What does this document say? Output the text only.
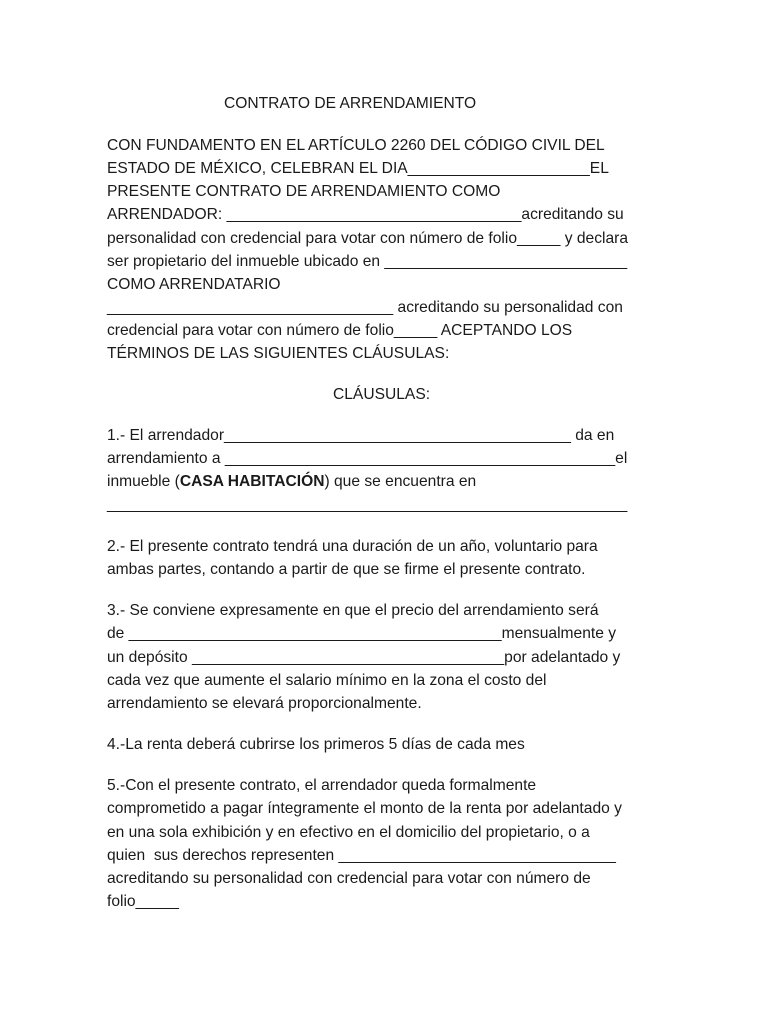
CONTRATO DE ARRENDAMIENTO
CON FUNDAMENTO EN EL ARTÍCULO 2260 DEL CÓDIGO CIVIL DEL
ESTADO DE MÉXICO, CELEBRAN EL DIA_____________________EL
PRESENTE CONTRATO DE ARRENDAMIENTO COMO
ARRENDADOR: __________________________________acreditando su
personalidad con credencial para votar con número de folio_____ y declara
ser propietario del inmueble ubicado en ____________________________
COMO ARRENDATARIO
_________________________________ acreditando su personalidad con
credencial para votar con número de folio_____ ACEPTANDO LOS
TÉRMINOS DE LAS SIGUIENTES CLÁUSULAS:
CLÁUSULAS:
1.- El arrendador________________________________________ da en
arrendamiento a _____________________________________________el
inmueble (CASA HABITACIÓN) que se encuentra en
____________________________________________________________
2.- El presente contrato tendrá una duración de un año, voluntario para
ambas partes, contando a partir de que se firme el presente contrato.
3.- Se conviene expresamente en que el precio del arrendamiento será
de ___________________________________________mensualmente y
un depósito ____________________________________por adelantado y
cada vez que aumente el salario mínimo en la zona el costo del
arrendamiento se elevará proporcionalmente.
4.-La renta deberá cubrirse los primeros 5 días de cada mes
5.-Con el presente contrato, el arrendador queda formalmente
comprometido a pagar íntegramente el monto de la renta por adelantado y
en una sola exhibición y en efectivo en el domicilio del propietario, o a
quien  sus derechos representen ________________________________
acreditando su personalidad con credencial para votar con número de
folio_____
